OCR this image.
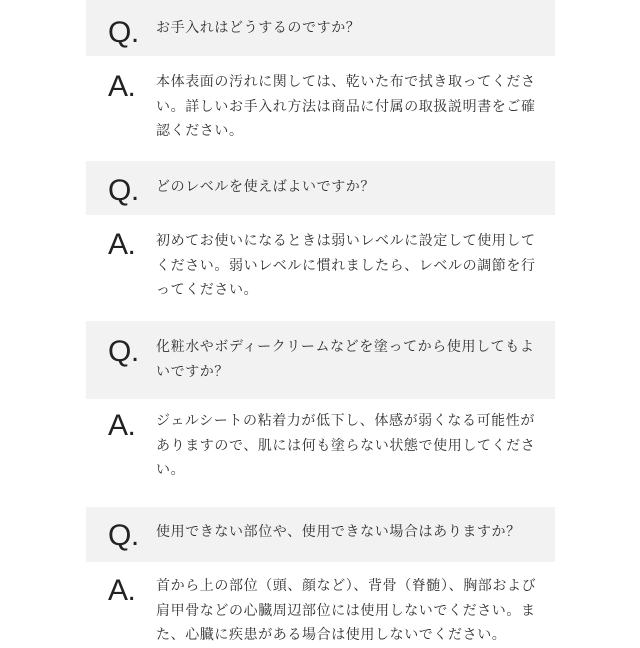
Q. お手入れはどうするのですか？
A. 本体表面の汚れに関しては、乾いた布で拭き取ってくださ
い。詳しいお手入れ方法は商品に付属の取扱説明書をご確
認ください。
Q. どのレベルを使えばよいですか？
A. 初めてお使いになるときは弱いレベルに設定して使用して
ください。弱いレベルに慣れましたら、レベルの調節を行
ってください。
Q. 化粧水やボディークリームなどを塗ってから使用してもよ
いですか？
A. ジェルシートの粘着力が低下し、体感が弱くなる可能性が
ありますので、肌には何も塗らない状態で使用してくださ
い。
Q. 使用できない部位や、使用できない場合はありますか？
A. 首から上の部位（頭、顔など）、背骨（脊髄）、胸部および
肩甲骨などの心臓周辺部位には使用しないでください。ま
た、心臓に疾患がある場合は使用しないでください。
